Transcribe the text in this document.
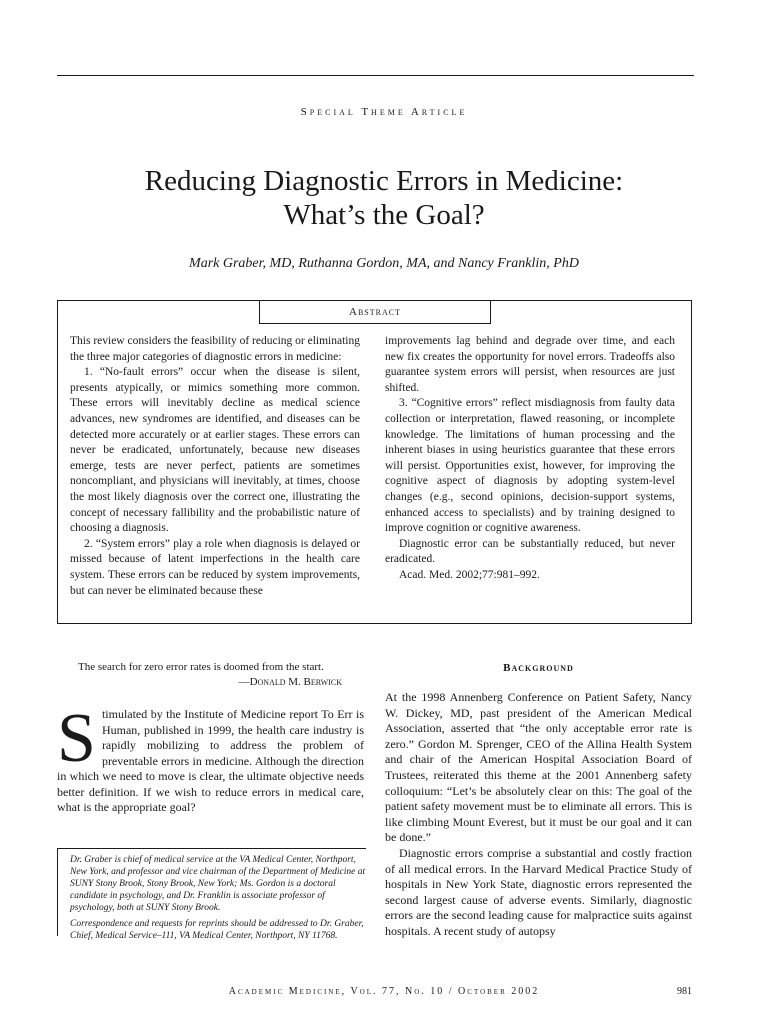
Special Theme Article
Reducing Diagnostic Errors in Medicine:
What’s the Goal?
Mark Graber, MD, Ruthanna Gordon, MA, and Nancy Franklin, PhD
Abstract

This review considers the feasibility of reducing or eliminating the three major categories of diagnostic errors in medicine:

1. “No-fault errors” occur when the disease is silent, presents atypically, or mimics something more common. These errors will inevitably decline as medical science advances, new syndromes are identified, and diseases can be detected more accurately or at earlier stages. These errors can never be eradicated, unfortunately, because new diseases emerge, tests are never perfect, patients are sometimes noncompliant, and physicians will inevitably, at times, choose the most likely diagnosis over the correct one, illustrating the concept of necessary fallibility and the probabilistic nature of choosing a diagnosis.

2. “System errors” play a role when diagnosis is delayed or missed because of latent imperfections in the health care system. These errors can be reduced by system improvements, but can never be eliminated because these

improvements lag behind and degrade over time, and each new fix creates the opportunity for novel errors. Tradeoffs also guarantee system errors will persist, when resources are just shifted.

3. “Cognitive errors” reflect misdiagnosis from faulty data collection or interpretation, flawed reasoning, or incomplete knowledge. The limitations of human processing and the inherent biases in using heuristics guarantee that these errors will persist. Opportunities exist, however, for improving the cognitive aspect of diagnosis by adopting system-level changes (e.g., second opinions, decision-support systems, enhanced access to specialists) and by training designed to improve cognition or cognitive awareness.

Diagnostic error can be substantially reduced, but never eradicated.

Acad. Med. 2002;77:981–992.

The search for zero error rates is doomed from the start.
—Donald M. Berwick
S timulated by the Institute of Medicine report To Err is Human, published in 1999, the health care industry is rapidly mobilizing to address the problem of preventable errors in medicine. Although the direction in which we need to move is clear, the ultimate objective needs better definition. If we wish to reduce errors in medical care, what is the appropriate goal?

Dr. Graber is chief of medical service at the VA Medical Center, Northport, New York, and professor and vice chairman of the Department of Medicine at SUNY Stony Brook, Stony Brook, New York; Ms. Gordon is a doctoral candidate in psychology, and Dr. Franklin is associate professor of psychology, both at SUNY Stony Brook.

Correspondence and requests for reprints should be addressed to Dr. Graber, Chief, Medical Service–111, VA Medical Center, Northport, NY 11768.

Background

At the 1998 Annenberg Conference on Patient Safety, Nancy W. Dickey, MD, past president of the American Medical Association, asserted that “the only acceptable error rate is zero.” Gordon M. Sprenger, CEO of the Allina Health System and chair of the American Hospital Association Board of Trustees, reiterated this theme at the 2001 Annenberg safety colloquium: “Let’s be absolutely clear on this: The goal of the patient safety movement must be to eliminate all errors. This is like climbing Mount Everest, but it must be our goal and it can be done.”

Diagnostic errors comprise a substantial and costly fraction of all medical errors. In the Harvard Medical Practice Study of hospitals in New York State, diagnostic errors represented the second largest cause of adverse events. Similarly, diagnostic errors are the second leading cause for malpractice suits against hospitals. A recent study of autopsy

Academic Medicine, Vol. 77, No. 10 / October 2002	981
